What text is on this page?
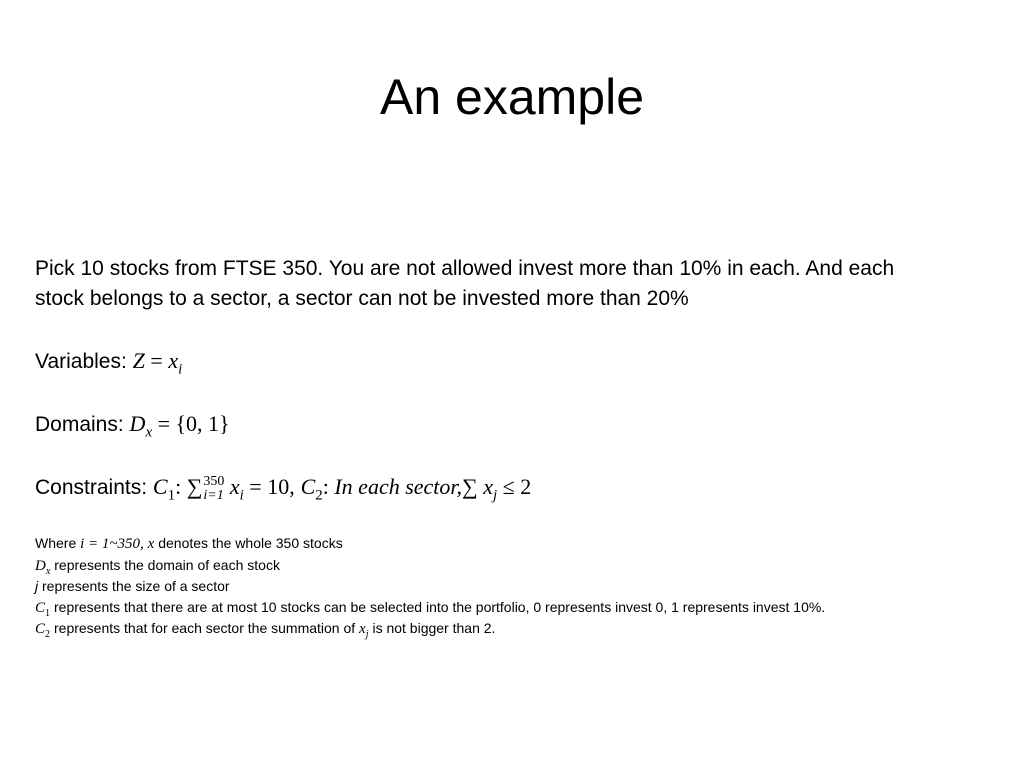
An example

Pick 10 stocks from FTSE 350. You are not allowed invest more than 10% in each. And each

stock belongs to a sector, a sector can not be invested more than 20%

Variables: $Z = x_i$

Domains: $D_x = \{0$, 1}

Constraints: $C_1$: ∑ 350
i=1 $x_i = 10$, $C_2$: In each sector,∑ $x_j \le 2$

Where i = 1~350, x denotes the whole 350 stocks

$D_x$ represents the domain of each stock

j represents the size of a sector

$C_1$ represents that there are at most 10 stocks can be selected into the portfolio, 0 represents invest 0, 1 represents invest 10%.

$C_2$ represents that for each sector the summation of $x_j$ is not bigger than 2.
